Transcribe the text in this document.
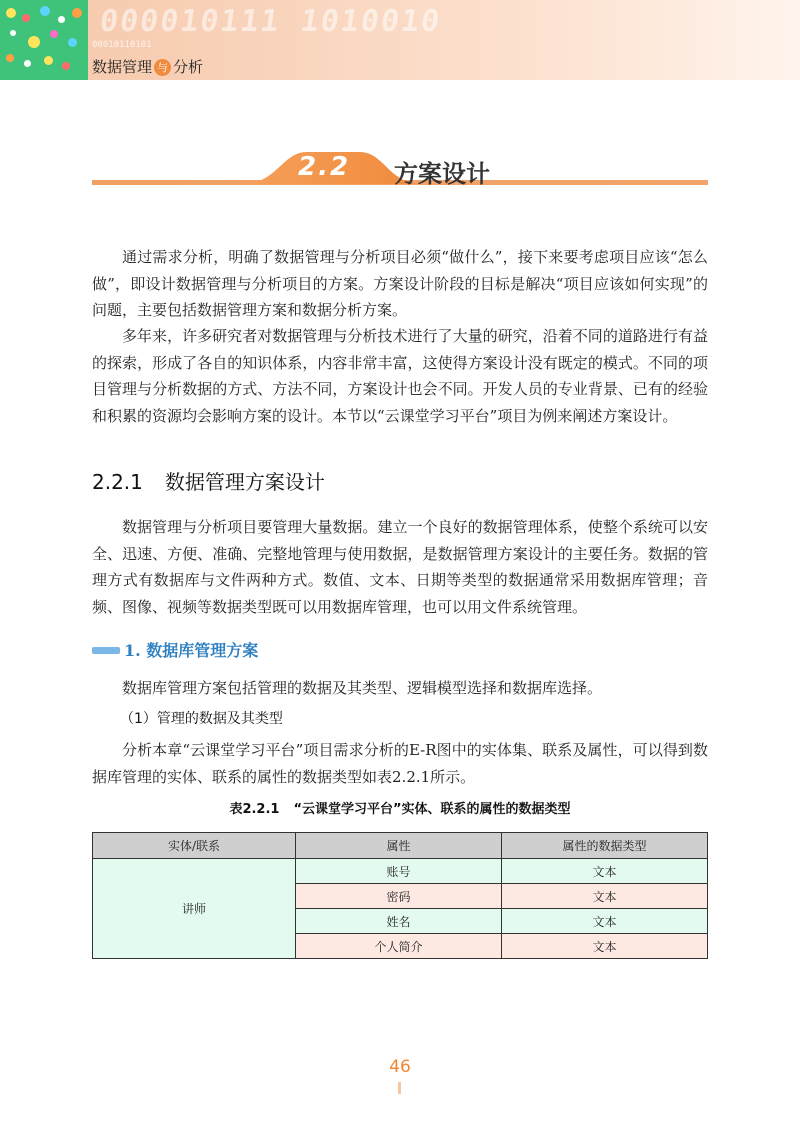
000010111 1010010
00010110101
数据管理 与 分析
2.2 方案设计

通过需求分析，明确了数据管理与分析项目必须“做什么”，接下来要考虑项目应该“怎么做”，即设计数据管理与分析项目的方案。方案设计阶段的目标是解决“项目应该如何实现”的问题，主要包括数据管理方案和数据分析方案。

多年来，许多研究者对数据管理与分析技术进行了大量的研究，沿着不同的道路进行有益的探索，形成了各自的知识体系，内容非常丰富，这使得方案设计没有既定的模式。不同的项目管理与分析数据的方式、方法不同，方案设计也会不同。开发人员的专业背景、已有的经验和积累的资源均会影响方案的设计。本节以“云课堂学习平台”项目为例来阐述方案设计。

2.2.1 数据管理方案设计

数据管理与分析项目要管理大量数据。建立一个良好的数据管理体系，使整个系统可以安全、迅速、方便、准确、完整地管理与使用数据，是数据管理方案设计的主要任务。数据的管理方式有数据库与文件两种方式。数值、文本、日期等类型的数据通常采用数据库管理；音频、图像、视频等数据类型既可以用数据库管理，也可以用文件系统管理。

1. 数据库管理方案

数据库管理方案包括管理的数据及其类型、逻辑模型选择和数据库选择。

（1）管理的数据及其类型

分析本章“云课堂学习平台”项目需求分析的E-R图中的实体集、联系及属性，可以得到数据库管理的实体、联系的属性的数据类型如表2.2.1所示。

表2.2.1 “云课堂学习平台”实体、联系的属性的数据类型
实体/联系	属性	属性的数据类型
讲师	账号	文本
	密码	文本
	姓名	文本
	个人简介	文本
46
